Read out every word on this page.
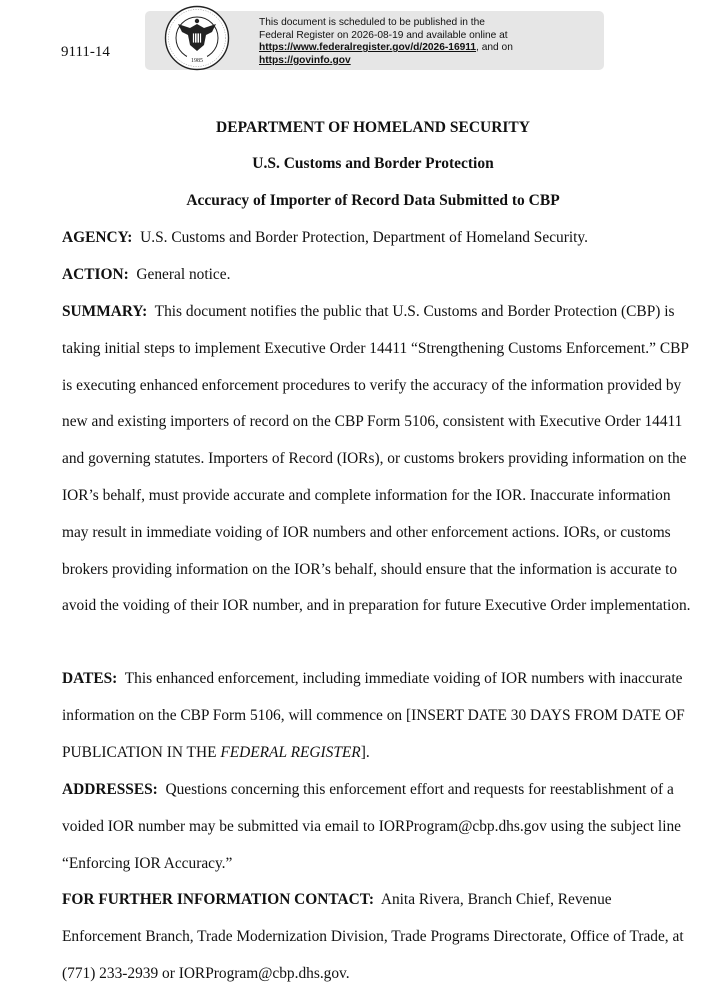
9111-14
1985
This document is scheduled to be published in the
Federal Register on 2026-08-19 and available online at
https://www.federalregister.gov/d/2026-16911, and on
https://govinfo.gov
DEPARTMENT OF HOMELAND SECURITY
U.S. Customs and Border Protection
Accuracy of Importer of Record Data Submitted to CBP

AGENCY: U.S. Customs and Border Protection, Department of Homeland Security.

ACTION: General notice.

SUMMARY: This document notifies the public that U.S. Customs and Border Protection (CBP) is taking initial steps to implement Executive Order 14411 “Strengthening Customs Enforcement.” CBP is executing enhanced enforcement procedures to verify the accuracy of the information provided by new and existing importers of record on the CBP Form 5106, consistent with Executive Order 14411 and governing statutes. Importers of Record (IORs), or customs brokers providing information on the IOR’s behalf, must provide accurate and complete information for the IOR. Inaccurate information may result in immediate voiding of IOR numbers and other enforcement actions. IORs, or customs brokers providing information on the IOR’s behalf, should ensure that the information is accurate to avoid the voiding of their IOR number, and in preparation for future Executive Order implementation.

DATES: This enhanced enforcement, including immediate voiding of IOR numbers with inaccurate information on the CBP Form 5106, will commence on [INSERT DATE 30 DAYS FROM DATE OF PUBLICATION IN THE FEDERAL REGISTER].

ADDRESSES: Questions concerning this enforcement effort and requests for reestablishment of a voided IOR number may be submitted via email to IORProgram@cbp.dhs.gov using the subject line “Enforcing IOR Accuracy.”

FOR FURTHER INFORMATION CONTACT: Anita Rivera, Branch Chief, Revenue Enforcement Branch, Trade Modernization Division, Trade Programs Directorate, Office of Trade, at (771) 233-2939 or IORProgram@cbp.dhs.gov.
